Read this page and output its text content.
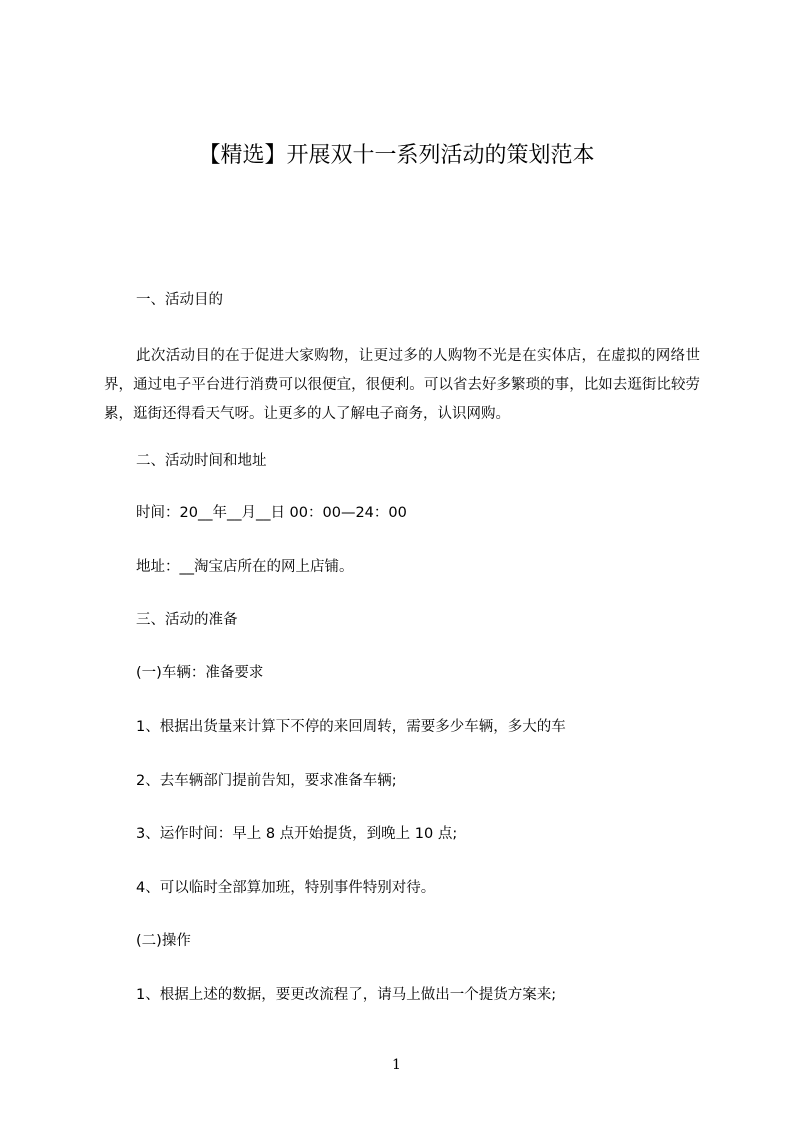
【精选】开展双十一系列活动的策划范本

一、活动目的

此次活动目的在于促进大家购物，让更过多的人购物不光是在实体店，在虚拟的网络世界，通过电子平台进行消费可以很便宜，很便利。可以省去好多繁琐的事，比如去逛街比较劳累，逛街还得看天气呀。让更多的人了解电子商务，认识网购。

二、活动时间和地址

时间：20__年__月__日 00：00—24：00

地址：__淘宝店所在的网上店铺。

三、活动的准备

(一)车辆：准备要求

1、根据出货量来计算下不停的来回周转，需要多少车辆，多大的车

2、去车辆部门提前告知，要求准备车辆;

3、运作时间：早上 8 点开始提货，到晚上 10 点;

4、可以临时全部算加班，特别事件特别对待。

(二)操作

1、根据上述的数据，要更改流程了，请马上做出一个提货方案来;

1
